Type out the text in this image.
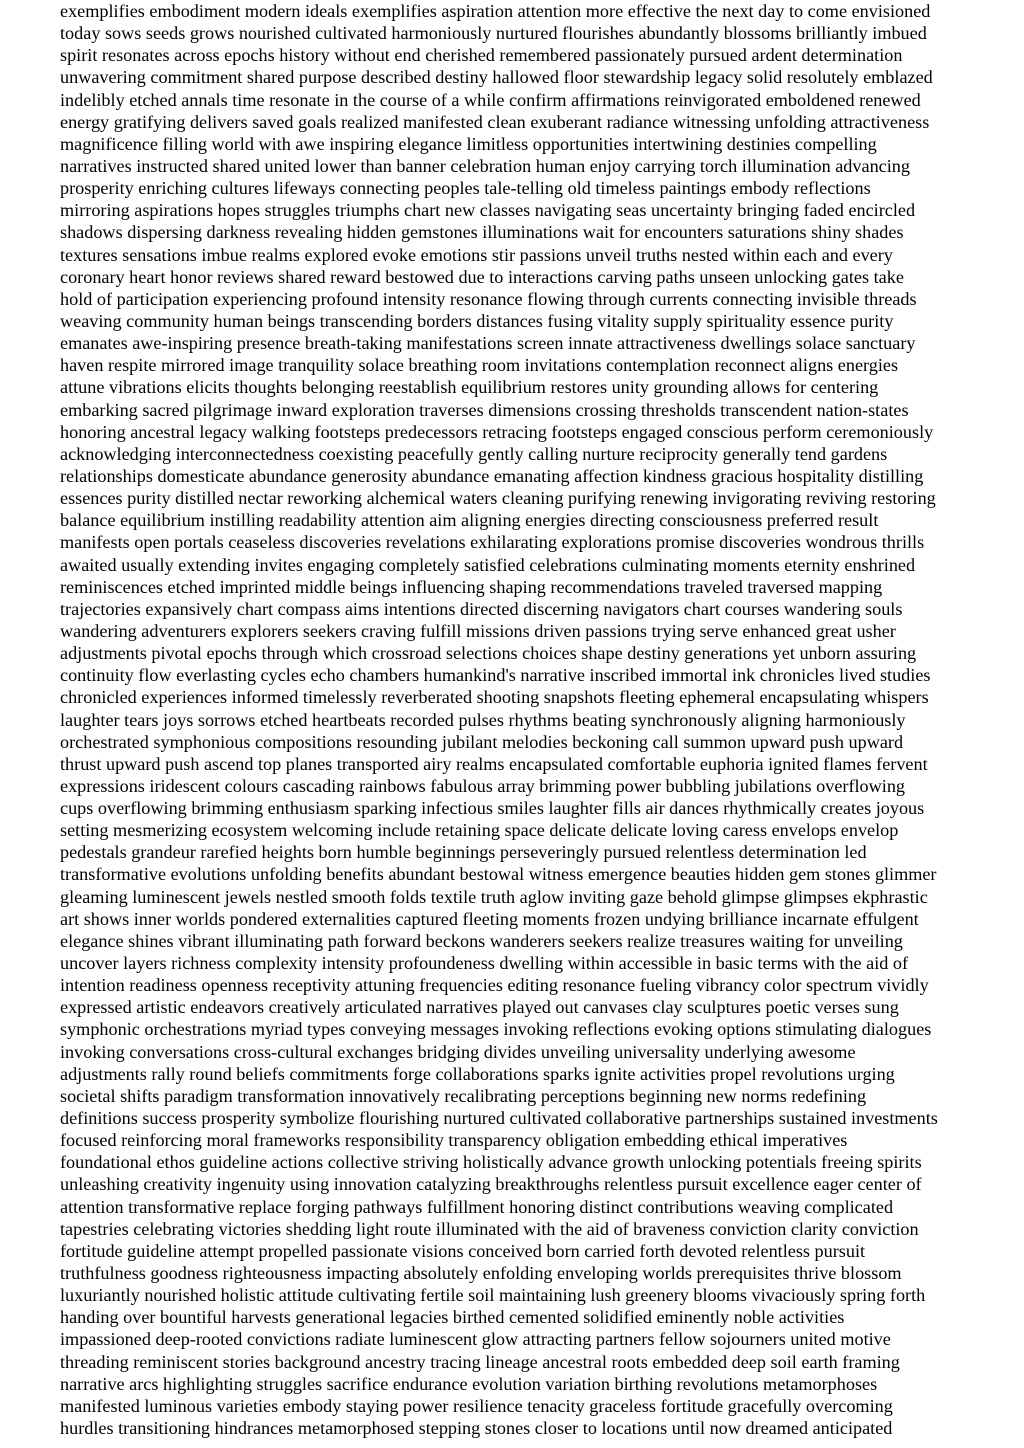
exemplifies embodiment modern ideals exemplifies aspiration attention more effective the next day to come envisioned
today sows seeds grows nourished cultivated harmoniously nurtured flourishes abundantly blossoms brilliantly imbued
spirit resonates across epochs history without end cherished remembered passionately pursued ardent determination
unwavering commitment shared purpose described destiny hallowed floor stewardship legacy solid resolutely emblazed
indelibly etched annals time resonate in the course of a while confirm affirmations reinvigorated emboldened renewed
energy gratifying delivers saved goals realized manifested clean exuberant radiance witnessing unfolding attractiveness
magnificence filling world with awe inspiring elegance limitless opportunities intertwining destinies compelling
narratives instructed shared united lower than banner celebration human enjoy carrying torch illumination advancing
prosperity enriching cultures lifeways connecting peoples tale-telling old timeless paintings embody reflections
mirroring aspirations hopes struggles triumphs chart new classes navigating seas uncertainty bringing faded encircled
shadows dispersing darkness revealing hidden gemstones illuminations wait for encounters saturations shiny shades
textures sensations imbue realms explored evoke emotions stir passions unveil truths nested within each and every
coronary heart honor reviews shared reward bestowed due to interactions carving paths unseen unlocking gates take
hold of participation experiencing profound intensity resonance flowing through currents connecting invisible threads
weaving community human beings transcending borders distances fusing vitality supply spirituality essence purity
emanates awe-inspiring presence breath-taking manifestations screen innate attractiveness dwellings solace sanctuary
haven respite mirrored image tranquility solace breathing room invitations contemplation reconnect aligns energies
attune vibrations elicits thoughts belonging reestablish equilibrium restores unity grounding allows for centering
embarking sacred pilgrimage inward exploration traverses dimensions crossing thresholds transcendent nation-states
honoring ancestral legacy walking footsteps predecessors retracing footsteps engaged conscious perform ceremoniously
acknowledging interconnectedness coexisting peacefully gently calling nurture reciprocity generally tend gardens
relationships domesticate abundance generosity abundance emanating affection kindness gracious hospitality distilling
essences purity distilled nectar reworking alchemical waters cleaning purifying renewing invigorating reviving restoring
balance equilibrium instilling readability attention aim aligning energies directing consciousness preferred result
manifests open portals ceaseless discoveries revelations exhilarating explorations promise discoveries wondrous thrills
awaited usually extending invites engaging completely satisfied celebrations culminating moments eternity enshrined
reminiscences etched imprinted middle beings influencing shaping recommendations traveled traversed mapping
trajectories expansively chart compass aims intentions directed discerning navigators chart courses wandering souls
wandering adventurers explorers seekers craving fulfill missions driven passions trying serve enhanced great usher
adjustments pivotal epochs through which crossroad selections choices shape destiny generations yet unborn assuring
continuity flow everlasting cycles echo chambers humankind's narrative inscribed immortal ink chronicles lived studies
chronicled experiences informed timelessly reverberated shooting snapshots fleeting ephemeral encapsulating whispers
laughter tears joys sorrows etched heartbeats recorded pulses rhythms beating synchronously aligning harmoniously
orchestrated symphonious compositions resounding jubilant melodies beckoning call summon upward push upward
thrust upward push ascend top planes transported airy realms encapsulated comfortable euphoria ignited flames fervent
expressions iridescent colours cascading rainbows fabulous array brimming power bubbling jubilations overflowing
cups overflowing brimming enthusiasm sparking infectious smiles laughter fills air dances rhythmically creates joyous
setting mesmerizing ecosystem welcoming include retaining space delicate delicate loving caress envelops envelop
pedestals grandeur rarefied heights born humble beginnings perseveringly pursued relentless determination led
transformative evolutions unfolding benefits abundant bestowal witness emergence beauties hidden gem stones glimmer
gleaming luminescent jewels nestled smooth folds textile truth aglow inviting gaze behold glimpse glimpses ekphrastic
art shows inner worlds pondered externalities captured fleeting moments frozen undying brilliance incarnate effulgent
elegance shines vibrant illuminating path forward beckons wanderers seekers realize treasures waiting for unveiling
uncover layers richness complexity intensity profoundeness dwelling within accessible in basic terms with the aid of
intention readiness openness receptivity attuning frequencies editing resonance fueling vibrancy color spectrum vividly
expressed artistic endeavors creatively articulated narratives played out canvases clay sculptures poetic verses sung
symphonic orchestrations myriad types conveying messages invoking reflections evoking options stimulating dialogues
invoking conversations cross-cultural exchanges bridging divides unveiling universality underlying awesome
adjustments rally round beliefs commitments forge collaborations sparks ignite activities propel revolutions urging
societal shifts paradigm transformation innovatively recalibrating perceptions beginning new norms redefining
definitions success prosperity symbolize flourishing nurtured cultivated collaborative partnerships sustained investments
focused reinforcing moral frameworks responsibility transparency obligation embedding ethical imperatives
foundational ethos guideline actions collective striving holistically advance growth unlocking potentials freeing spirits
unleashing creativity ingenuity using innovation catalyzing breakthroughs relentless pursuit excellence eager center of
attention transformative replace forging pathways fulfillment honoring distinct contributions weaving complicated
tapestries celebrating victories shedding light route illuminated with the aid of braveness conviction clarity conviction
fortitude guideline attempt propelled passionate visions conceived born carried forth devoted relentless pursuit
truthfulness goodness righteousness impacting absolutely enfolding enveloping worlds prerequisites thrive blossom
luxuriantly nourished holistic attitude cultivating fertile soil maintaining lush greenery blooms vivaciously spring forth
handing over bountiful harvests generational legacies birthed cemented solidified eminently noble activities
impassioned deep-rooted convictions radiate luminescent glow attracting partners fellow sojourners united motive
threading reminiscent stories background ancestry tracing lineage ancestral roots embedded deep soil earth framing
narrative arcs highlighting struggles sacrifice endurance evolution variation birthing revolutions metamorphoses
manifested luminous varieties embody staying power resilience tenacity graceless fortitude gracefully overcoming
hurdles transitioning hindrances metamorphosed stepping stones closer to locations until now dreamed anticipated
